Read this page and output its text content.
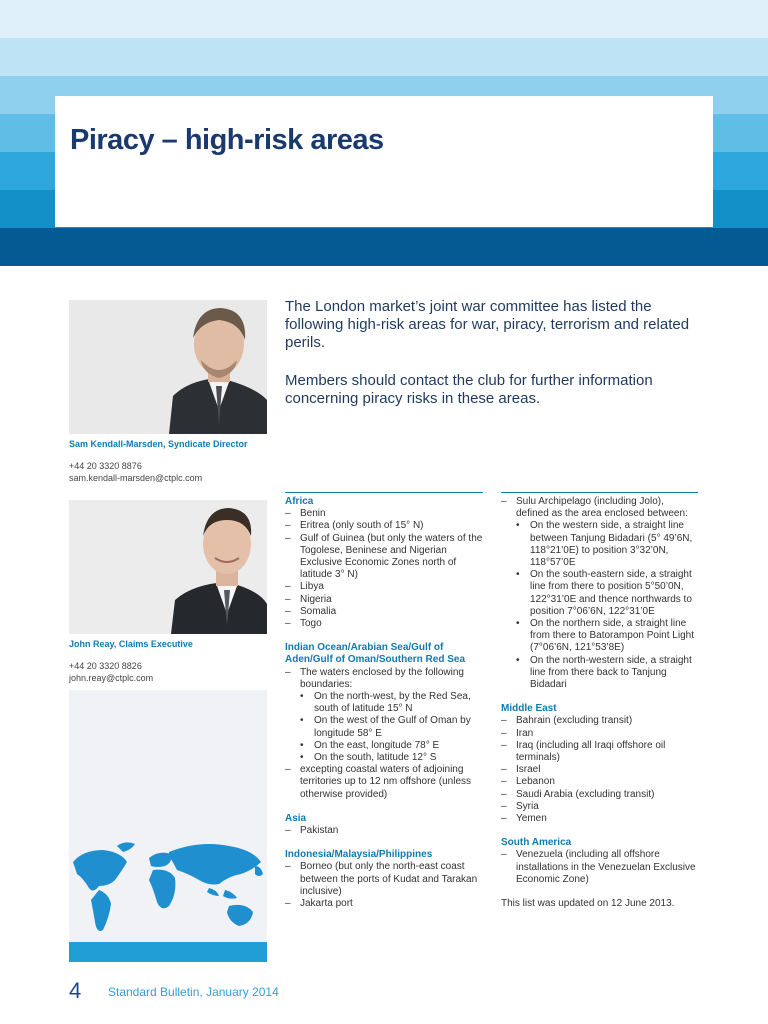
Piracy – high-risk areas
Sam Kendall-Marsden, Syndicate Director
+44 20 3320 8876
sam.kendall-marsden@ctplc.com
John Reay, Claims Executive
+44 20 3320 8826
john.reay@ctplc.com

The London market’s joint war committee has listed the following high-risk areas for war, piracy, terrorism and related perils.

Members should contact the club for further information concerning piracy risks in these areas.

Africa
– Benin
– Eritrea (only south of 15° N)
– Gulf of Guinea (but only the waters of the Togolese, Beninese and Nigerian Exclusive Economic Zones north of latitude 3° N)
– Libya
– Nigeria
– Somalia
– Togo
Indian Ocean/Arabian Sea/Gulf of Aden/Gulf of Oman/Southern Red Sea
– The waters enclosed by the following boundaries:
• On the north-west, by the Red Sea, south of latitude 15° N
• On the west of the Gulf of Oman by longitude 58° E
• On the east, longitude 78° E
• On the south, latitude 12° S
– excepting coastal waters of adjoining territories up to 12 nm offshore (unless otherwise provided)
Asia
– Pakistan
Indonesia/Malaysia/Philippines
– Borneo (but only the north-east coast between the ports of Kudat and Tarakan inclusive)
– Jakarta port
– Sulu Archipelago (including Jolo), defined as the area enclosed between:
• On the western side, a straight line between Tanjung Bidadari (5° 49’6N, 118°21’0E) to position 3°32’0N, 118°57’0E
• On the south-eastern side, a straight line from there to position 5°50’0N, 122°31’0E and thence northwards to position 7°06’6N, 122°31’0E
• On the northern side, a straight line from there to Batorampon Point Light (7°06’6N, 121°53’8E)
• On the north-western side, a straight line from there back to Tanjung Bidadari
Middle East
– Bahrain (excluding transit)
– Iran
– Iraq (including all Iraqi offshore oil terminals)
– Israel
– Lebanon
– Saudi Arabia (excluding transit)
– Syria
– Yemen
South America
– Venezuela (including all offshore installations in the Venezuelan Exclusive Economic Zone)
This list was updated on 12 June 2013.
4 Standard Bulletin, January 2014
